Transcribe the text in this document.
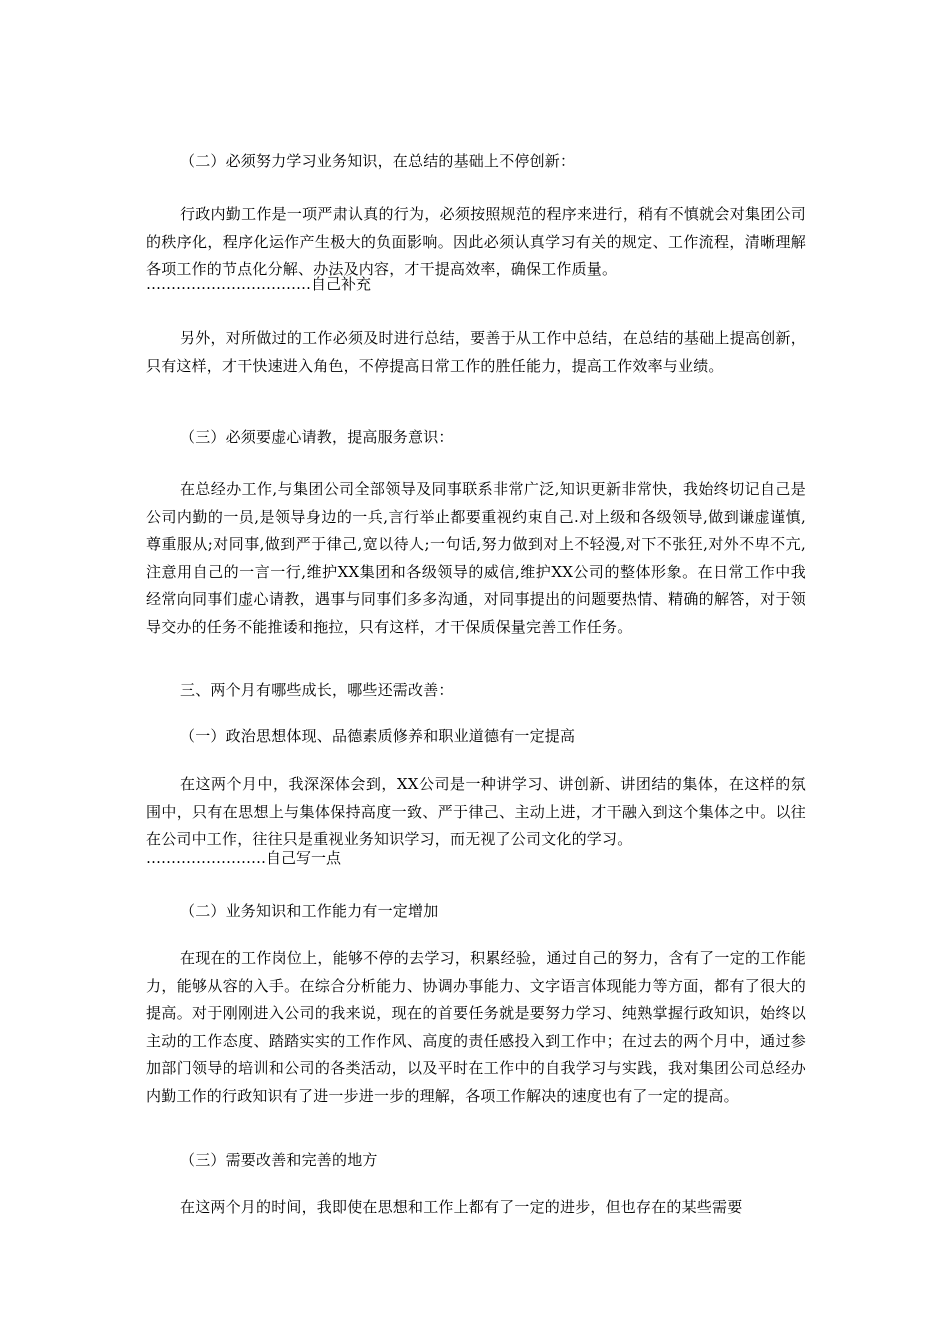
（二）必须努力学习业务知识，在总结的基础上不停创新：
行政内勤工作是一项严肃认真的行为，必须按照规范的程序来进行，稍有不慎就会对集团公司的秩序化，程序化运作产生极大的负面影响。因此必须认真学习有关的规定、工作流程，清晰理解各项工作的节点化分解、办法及内容，才干提高效率，确保工作质量。
……………………………自己补充
另外，对所做过的工作必须及时进行总结，要善于从工作中总结，在总结的基础上提高创新，只有这样，才干快速进入角色，不停提高日常工作的胜任能力，提高工作效率与业绩。
（三）必须要虚心请教，提高服务意识：
在总经办工作,与集团公司全部领导及同事联系非常广泛,知识更新非常快，我始终切记自己是公司内勤的一员,是领导身边的一兵,言行举止都要重视约束自己.对上级和各级领导,做到谦虚谨慎,尊重服从;对同事,做到严于律己,宽以待人;一句话,努力做到对上不轻漫,对下不张狂,对外不卑不亢,注意用自己的一言一行,维护XX集团和各级领导的威信,维护XX公司的整体形象。在日常工作中我经常向同事们虚心请教，遇事与同事们多多沟通，对同事提出的问题要热情、精确的解答，对于领导交办的任务不能推诿和拖拉，只有这样，才干保质保量完善工作任务。
三、两个月有哪些成长，哪些还需改善：
（一）政治思想体现、品德素质修养和职业道德有一定提高
在这两个月中，我深深体会到，XX公司是一种讲学习、讲创新、讲团结的集体，在这样的氛围中，只有在思想上与集体保持高度一致、严于律己、主动上进，才干融入到这个集体之中。以往在公司中工作，往往只是重视业务知识学习，而无视了公司文化的学习。
……………………自己写一点
（二）业务知识和工作能力有一定增加
在现在的工作岗位上，能够不停的去学习，积累经验，通过自己的努力，含有了一定的工作能力，能够从容的入手。在综合分析能力、协调办事能力、文字语言体现能力等方面，都有了很大的提高。对于刚刚进入公司的我来说，现在的首要任务就是要努力学习、纯熟掌握行政知识，始终以主动的工作态度、踏踏实实的工作作风、高度的责任感投入到工作中；在过去的两个月中，通过参加部门领导的培训和公司的各类活动，以及平时在工作中的自我学习与实践，我对集团公司总经办内勤工作的行政知识有了进一步进一步的理解，各项工作解决的速度也有了一定的提高。
（三）需要改善和完善的地方
在这两个月的时间，我即使在思想和工作上都有了一定的进步，但也存在的某些需要
